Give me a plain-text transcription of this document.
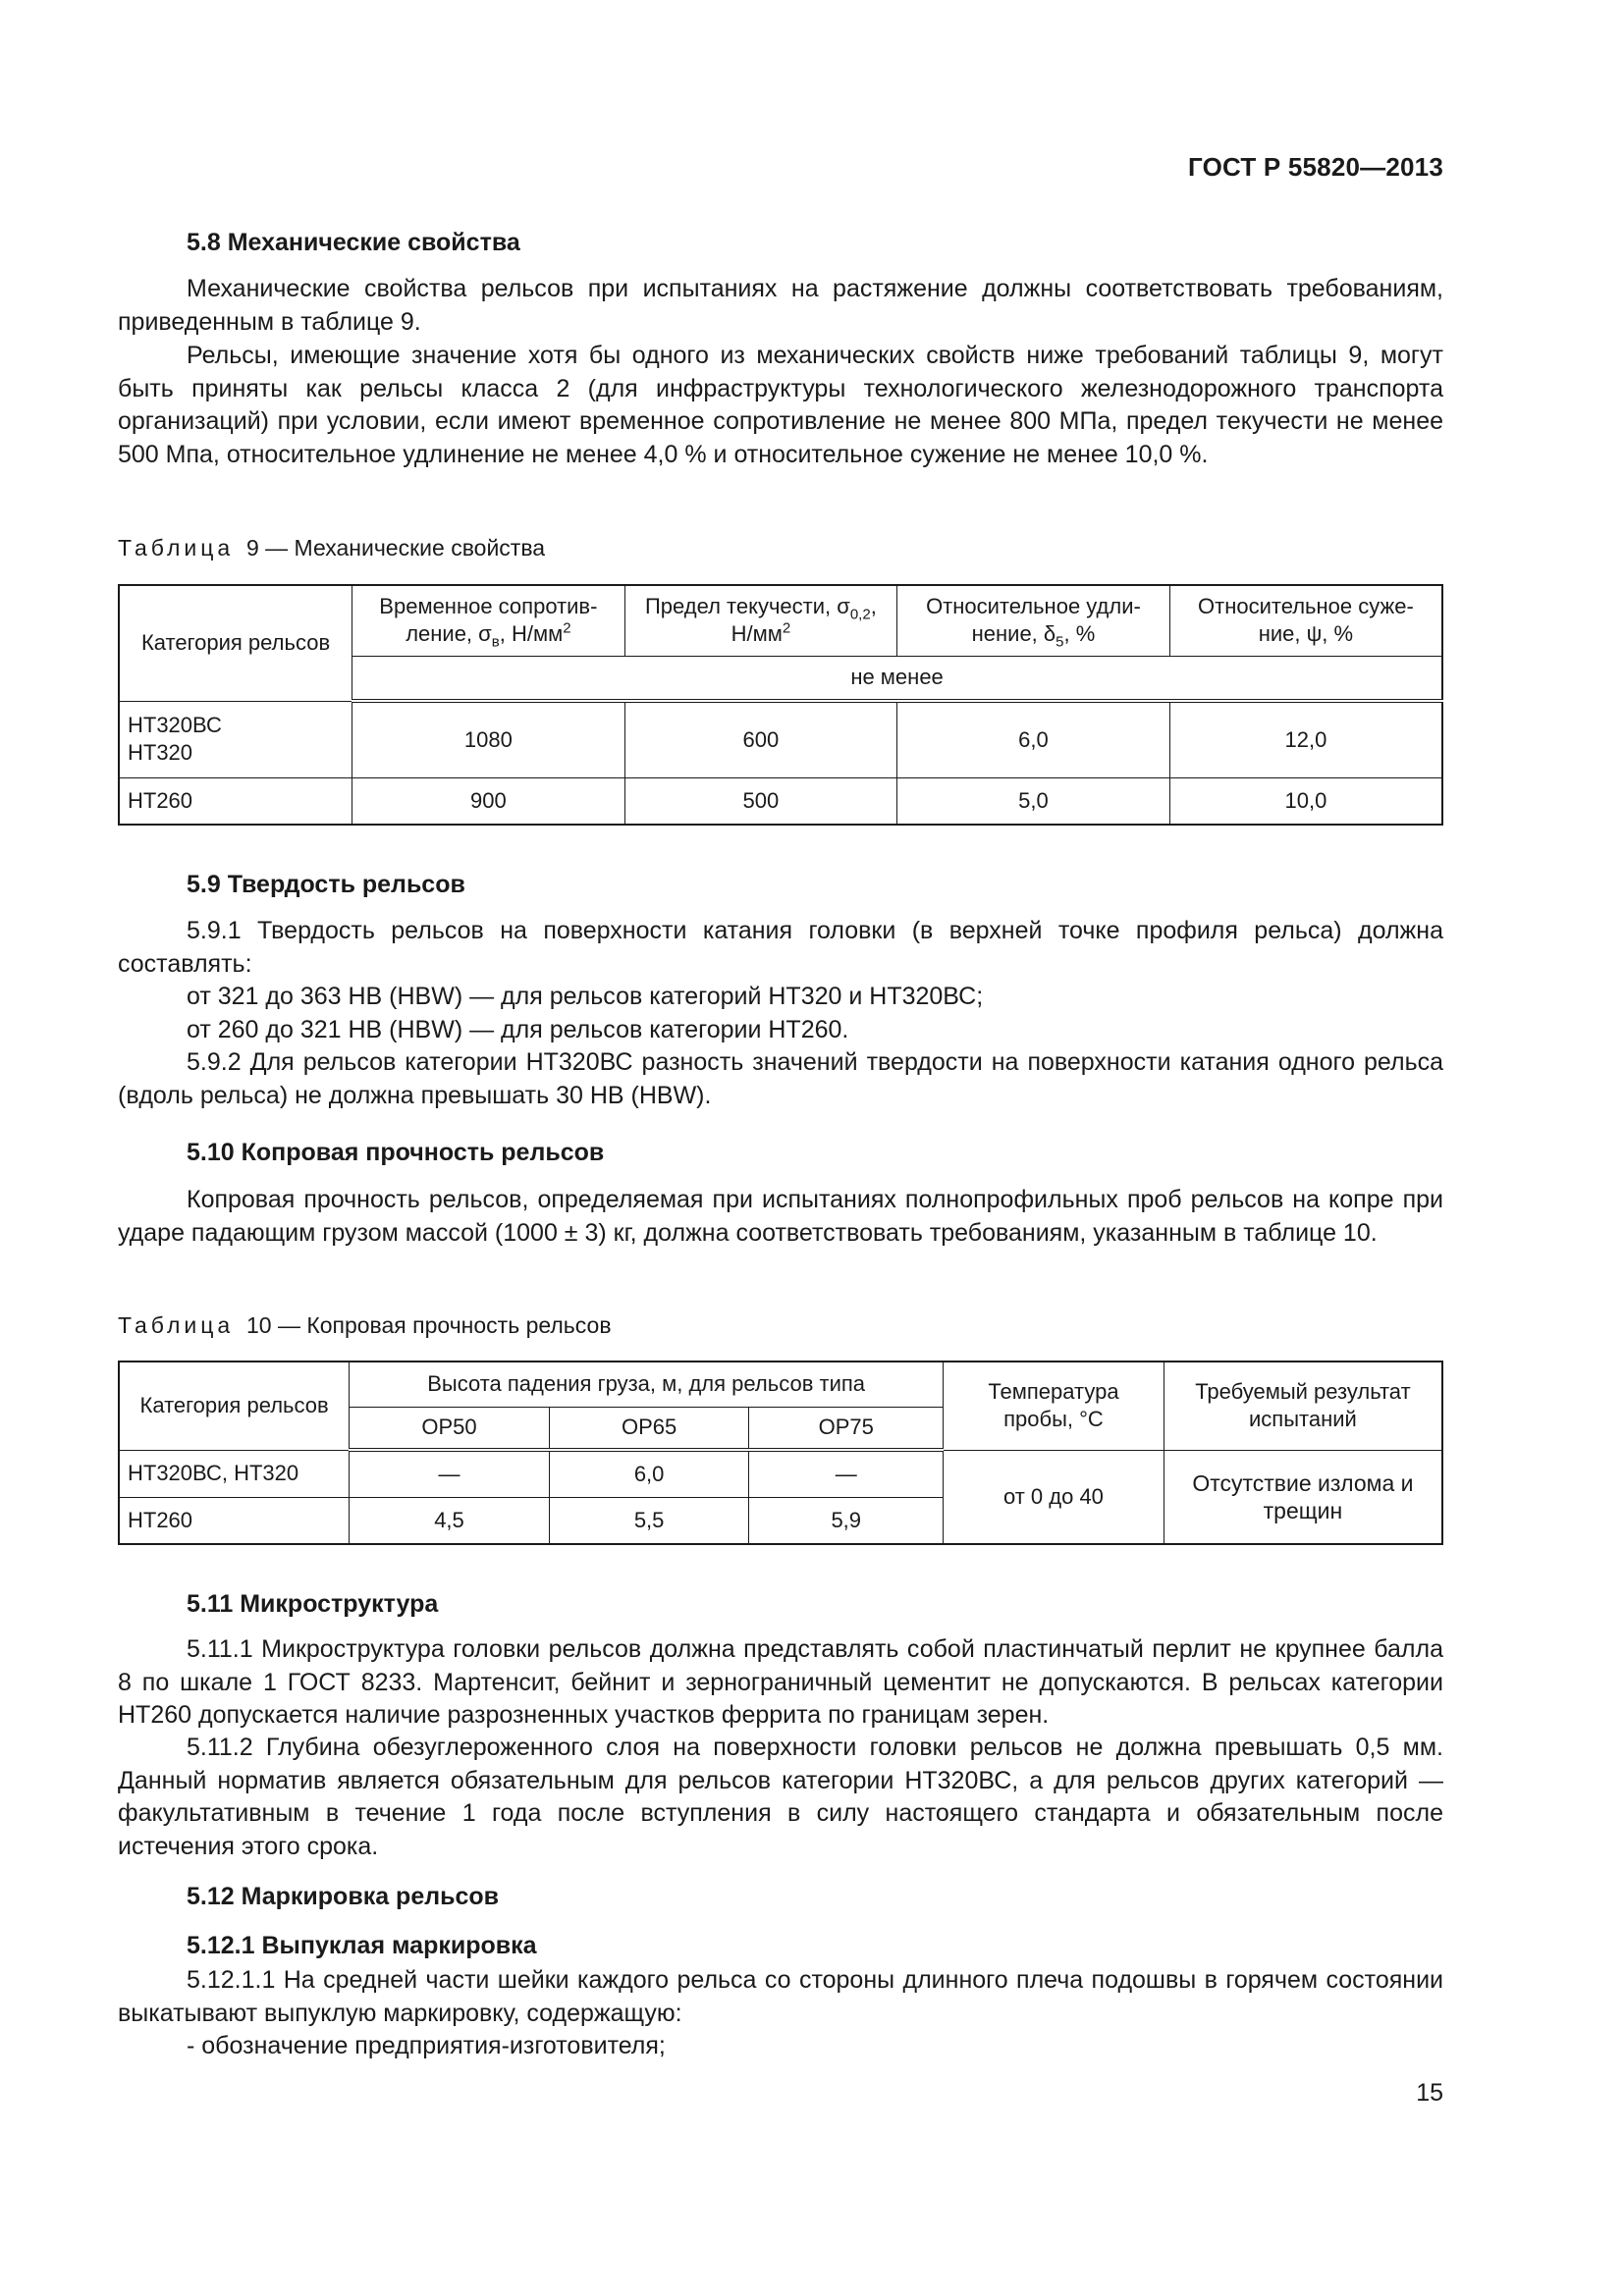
ГОСТ Р 55820—2013
5.8 Механические свойства

Механические свойства рельсов при испытаниях на растяжение должны соответствовать требованиям, приведенным в таблице 9.

Рельсы, имеющие значение хотя бы одного из механических свойств ниже требований таблицы 9, могут быть приняты как рельсы класса 2 (для инфраструктуры технологического железнодорожного транспорта организаций) при условии, если имеют временное сопротивление не менее 800 МПа, предел текучести не менее 500 Мпа, относительное удлинение не менее 4,0 % и относительное сужение не менее 10,0 %.

Таблица 9 — Механические свойства
Категория рельсов	Временное сопротив-ление, $\sigma_в$, $Н/мм^2$	Предел текучести, $\sigma_{0,2}$, $Н/мм^2$	Относительное удли-нение, $\delta_5$, %	Относительное суже-ние, ψ, %
	не менее			
НТ320ВС
НТ320	1080	600	6,0	12,0
НТ260	900	500	5,0	10,0
5.9 Твердость рельсов

5.9.1 Твердость рельсов на поверхности катания головки (в верхней точке профиля рельса) должна составлять:

от 321 до 363 НВ (HBW) — для рельсов категорий НТ320 и НТ320ВС;

от 260 до 321 НВ (HBW) — для рельсов категории НТ260.

5.9.2 Для рельсов категории НТ320ВС разность значений твердости на поверхности катания одного рельса (вдоль рельса) не должна превышать 30 НВ (HBW).

5.10 Копровая прочность рельсов

Копровая прочность рельсов, определяемая при испытаниях полнопрофильных проб рельсов на копре при ударе падающим грузом массой (1000 ± 3) кг, должна соответствовать требованиям, указанным в таблице 10.

Таблица 10 — Копровая прочность рельсов
Категория рельсов	Высота падения груза, м, для рельсов типа			Температура пробы, °С	Требуемый результат испытаний
	ОР50	ОР65	ОР75		
НТ320ВС, НТ320	—	6,0	—	от 0 до 40	Отсутствие излома и трещин
НТ260	4,5	5,5	5,9		
5.11 Микроструктура

5.11.1 Микроструктура головки рельсов должна представлять собой пластинчатый перлит не крупнее балла 8 по шкале 1 ГОСТ 8233. Мартенсит, бейнит и зернограничный цементит не допускаются. В рельсах категории НТ260 допускается наличие разрозненных участков феррита по границам зерен.

5.11.2 Глубина обезуглероженного слоя на поверхности головки рельсов не должна превышать 0,5 мм. Данный норматив является обязательным для рельсов категории НТ320ВС, а для рельсов других категорий — факультативным в течение 1 года после вступления в силу настоящего стандарта и обязательным после истечения этого срока.

5.12 Маркировка рельсов
5.12.1 Выпуклая маркировка

5.12.1.1 На средней части шейки каждого рельса со стороны длинного плеча подошвы в горячем состоянии выкатывают выпуклую маркировку, содержащую:

- обозначение предприятия-изготовителя;

15
